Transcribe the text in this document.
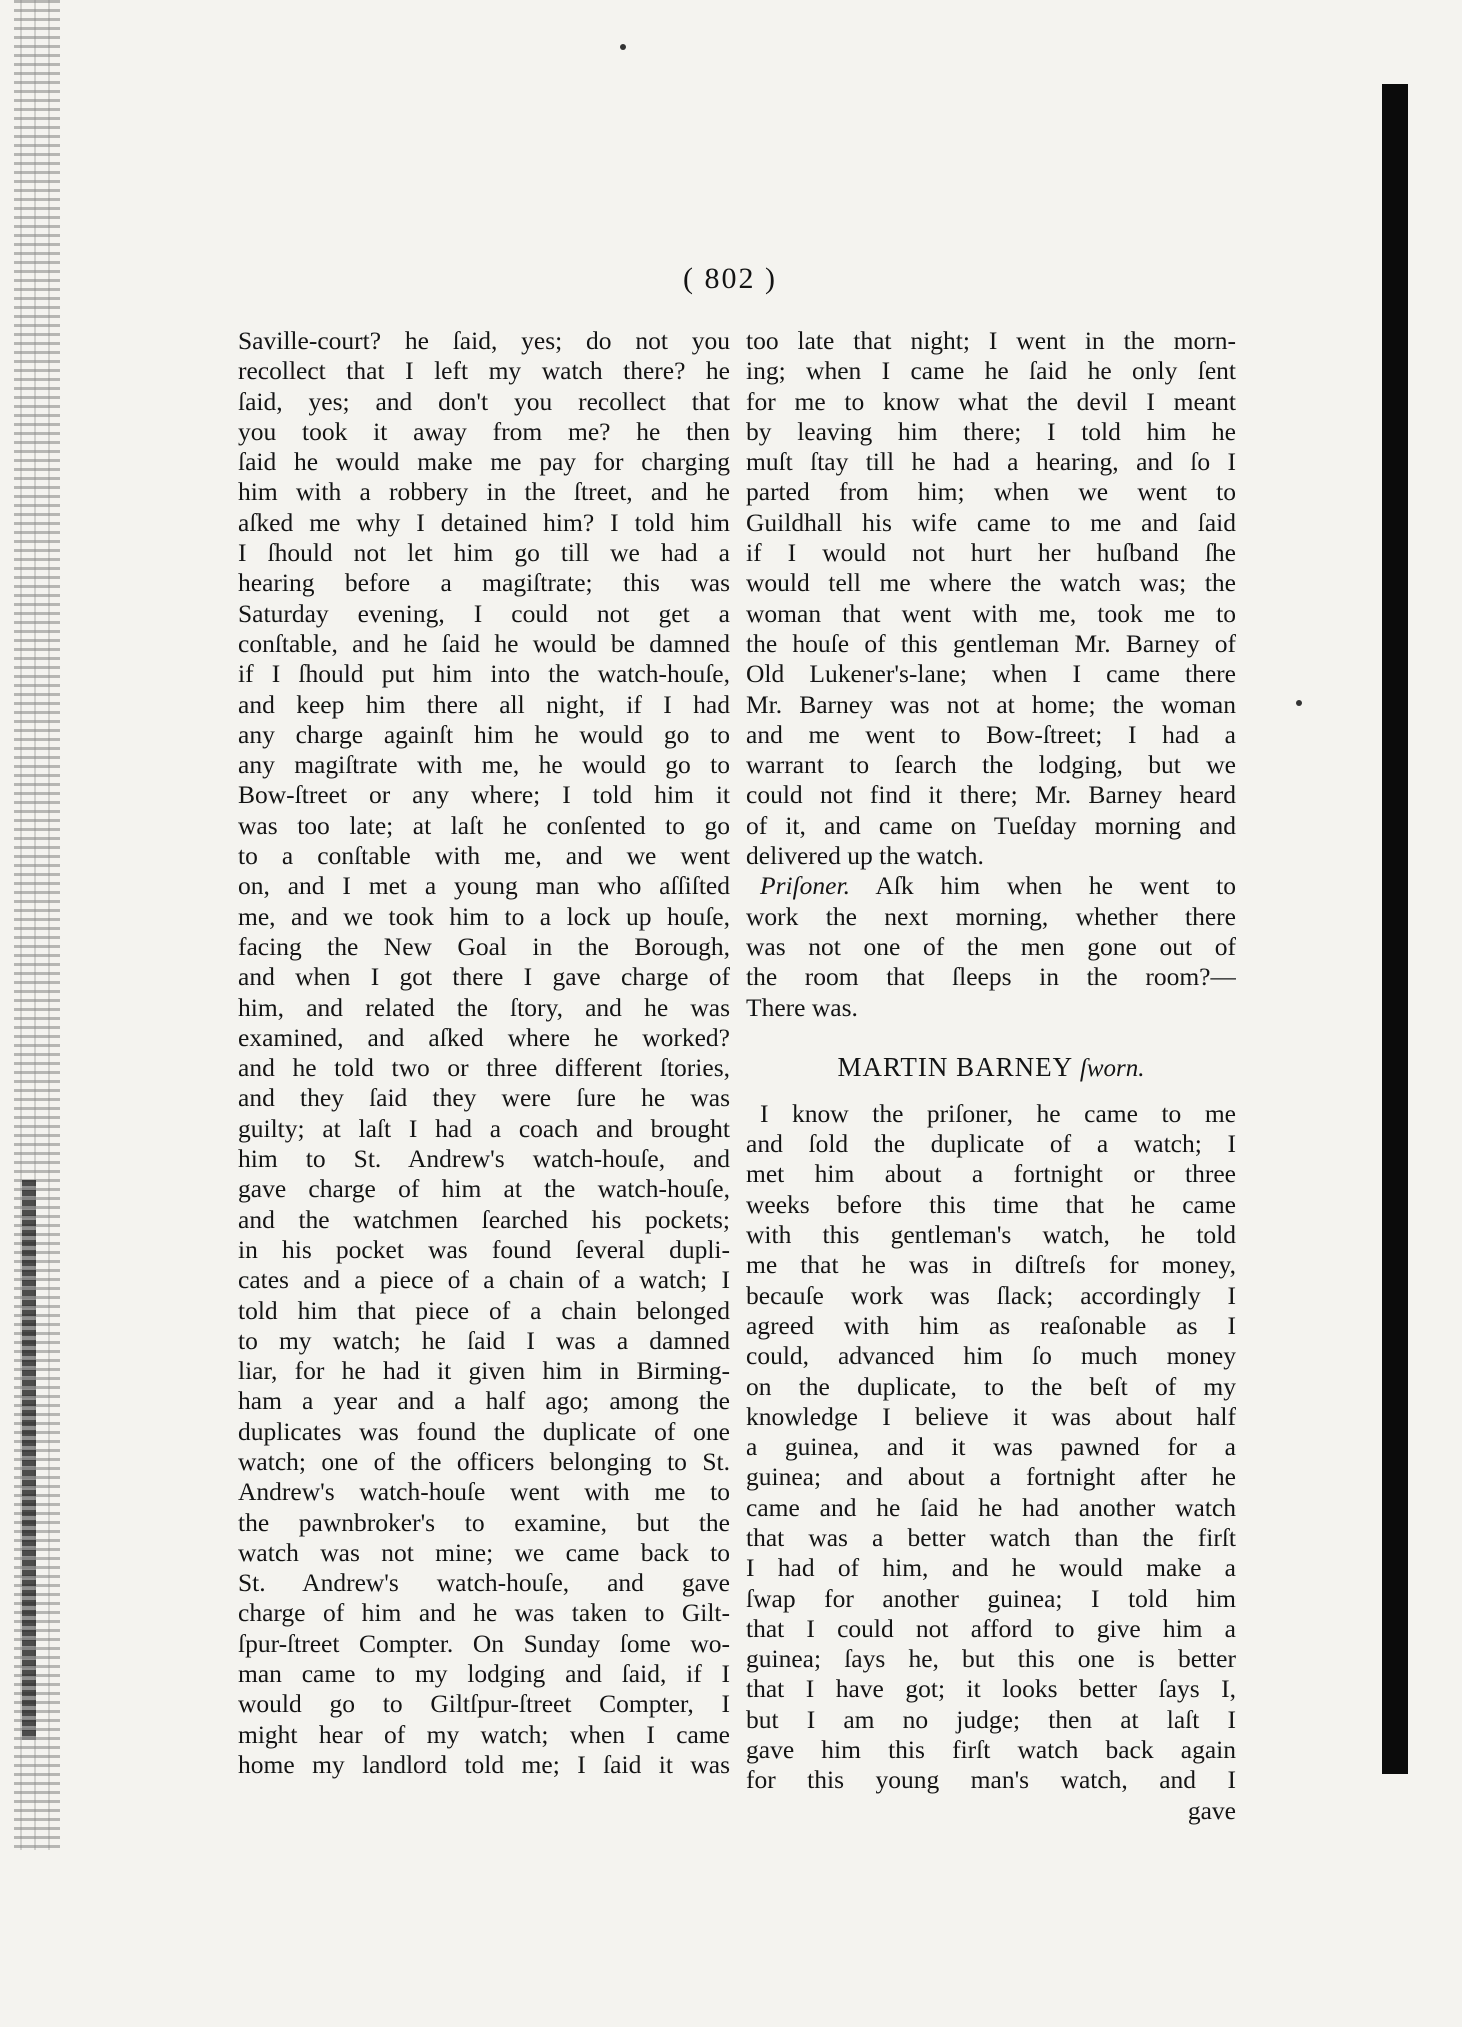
( 802 )
Saville-court? he ſaid, yes; do not you
recollect that I left my watch there? he
ſaid, yes; and don't you recollect that
you took it away from me? he then
ſaid he would make me pay for charging
him with a robbery in the ſtreet, and he
aſked me why I detained him? I told him
I ſhould not let him go till we had a
hearing before a magiſtrate; this was
Saturday evening, I could not get a
conſtable, and he ſaid he would be damned
if I ſhould put him into the watch-houſe,
and keep him there all night, if I had
any charge againſt him he would go to
any magiſtrate with me, he would go to
Bow-ſtreet or any where; I told him it
was too late; at laſt he conſented to go
to a conſtable with me, and we went
on, and I met a young man who aſſiſted
me, and we took him to a lock up houſe,
facing the New Goal in the Borough,
and when I got there I gave charge of
him, and related the ſtory, and he was
examined, and aſked where he worked?
and he told two or three different ſtories,
and they ſaid they were ſure he was
guilty; at laſt I had a coach and brought
him to St. Andrew's watch-houſe, and
gave charge of him at the watch-houſe,
and the watchmen ſearched his pockets;
in his pocket was found ſeveral dupli-
cates and a piece of a chain of a watch; I
told him that piece of a chain belonged
to my watch; he ſaid I was a damned
liar, for he had it given him in Birming-
ham a year and a half ago; among the
duplicates was found the duplicate of one
watch; one of the officers belonging to St.
Andrew's watch-houſe went with me to
the pawnbroker's to examine, but the
watch was not mine; we came back to
St. Andrew's watch-houſe, and gave
charge of him and he was taken to Gilt-
ſpur-ſtreet Compter. On Sunday ſome wo-
man came to my lodging and ſaid, if I
would go to Giltſpur-ſtreet Compter, I
might hear of my watch; when I came
home my landlord told me; I ſaid it was
too late that night; I went in the morn-
ing; when I came he ſaid he only ſent
for me to know what the devil I meant
by leaving him there; I told him he
muſt ſtay till he had a hearing, and ſo I
parted from him; when we went to
Guildhall his wife came to me and ſaid
if I would not hurt her huſband ſhe
would tell me where the watch was; the
woman that went with me, took me to
the houſe of this gentleman Mr. Barney of
Old Lukener's-lane; when I came there
Mr. Barney was not at home; the woman
and me went to Bow-ſtreet; I had a
warrant to ſearch the lodging, but we
could not find it there; Mr. Barney heard
of it, and came on Tueſday morning and
delivered up the watch.
Priſoner. Aſk him when he went to
work the next morning, whether there
was not one of the men gone out of
the room that ſleeps in the room?—
There was.
MARTIN BARNEY ſworn.
I know the priſoner, he came to me
and ſold the duplicate of a watch; I
met him about a fortnight or three
weeks before this time that he came
with this gentleman's watch, he told
me that he was in diſtreſs for money,
becauſe work was ſlack; accordingly I
agreed with him as reaſonable as I
could, advanced him ſo much money
on the duplicate, to the beſt of my
knowledge I believe it was about half
a guinea, and it was pawned for a
guinea; and about a fortnight after he
came and he ſaid he had another watch
that was a better watch than the firſt
I had of him, and he would make a
ſwap for another guinea; I told him
that I could not afford to give him a
guinea; ſays he, but this one is better
that I have got; it looks better ſays I,
but I am no judge; then at laſt I
gave him this firſt watch back again
for this young man's watch, and I
gave
